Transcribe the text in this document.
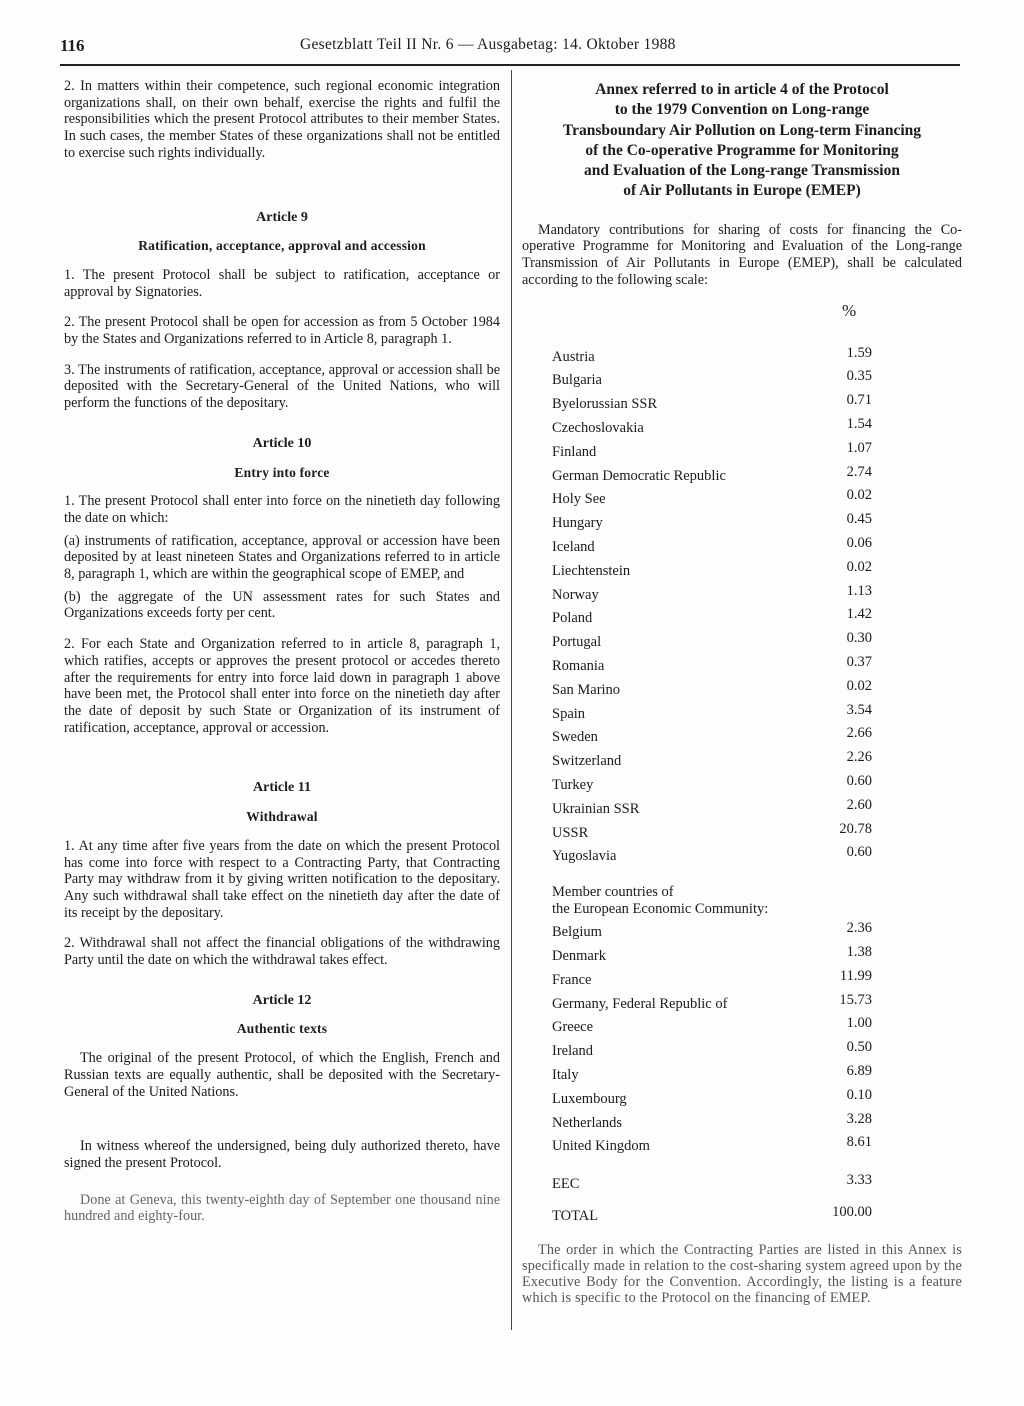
116	Gesetzblatt Teil II Nr. 6 — Ausgabetag: 14. Oktober 1988

2. In matters within their competence, such regional economic integration organizations shall, on their own behalf, exercise the rights and fulfil the responsibilities which the present Protocol attributes to their member States. In such cases, the member States of these organizations shall not be entitled to exercise such rights individually.

Article 9
Ratification, acceptance, approval and accession

1. The present Protocol shall be subject to ratification, acceptance or approval by Signatories.

2. The present Protocol shall be open for accession as from 5 October 1984 by the States and Organizations referred to in Article 8, paragraph 1.

3. The instruments of ratification, acceptance, approval or accession shall be deposited with the Secretary-General of the United Nations, who will perform the functions of the depositary.

Article 10
Entry into force

1. The present Protocol shall enter into force on the ninetieth day following the date on which:

(a) instruments of ratification, acceptance, approval or accession have been deposited by at least nineteen States and Organizations referred to in article 8, paragraph 1, which are within the geographical scope of EMEP, and

(b) the aggregate of the UN assessment rates for such States and Organizations exceeds forty per cent.

2. For each State and Organization referred to in article 8, paragraph 1, which ratifies, accepts or approves the present protocol or accedes thereto after the requirements for entry into force laid down in paragraph 1 above have been met, the Protocol shall enter into force on the ninetieth day after the date of deposit by such State or Organization of its instrument of ratification, acceptance, approval or accession.

Article 11
Withdrawal

1. At any time after five years from the date on which the present Protocol has come into force with respect to a Contracting Party, that Contracting Party may withdraw from it by giving written notification to the depositary. Any such withdrawal shall take effect on the ninetieth day after the date of its receipt by the depositary.

2. Withdrawal shall not affect the financial obligations of the withdrawing Party until the date on which the withdrawal takes effect.

Article 12
Authentic texts

The original of the present Protocol, of which the English, French and Russian texts are equally authentic, shall be deposited with the Secretary-General of the United Nations.

In witness whereof the undersigned, being duly authorized thereto, have signed the present Protocol.

Done at Geneva, this twenty-eighth day of September one thousand nine hundred and eighty-four.

Annex referred to in article 4 of the Protocol
to the 1979 Convention on Long-range
Transboundary Air Pollution on Long-term Financing
of the Co-operative Programme for Monitoring
and Evaluation of the Long-range Transmission
of Air Pollutants in Europe (EMEP)

Mandatory contributions for sharing of costs for financing the Co-operative Programme for Monitoring and Evaluation of the Long-range Transmission of Air Pollutants in Europe (EMEP), shall be calculated according to the following scale:

%
Austria	1.59
Bulgaria	0.35
Byelorussian SSR	0.71
Czechoslovakia	1.54
Finland	1.07
German Democratic Republic	2.74
Holy See	0.02
Hungary	0.45
Iceland	0.06
Liechtenstein	0.02
Norway	1.13
Poland	1.42
Portugal	0.30
Romania	0.37
San Marino	0.02
Spain	3.54
Sweden	2.66
Switzerland	2.26
Turkey	0.60
Ukrainian SSR	2.60
USSR	20.78
Yugoslavia	0.60
Member countries of
the European Economic Community:
Belgium	2.36
Denmark	1.38
France	11.99
Germany, Federal Republic of	15.73
Greece	1.00
Ireland	0.50
Italy	6.89
Luxembourg	0.10
Netherlands	3.28
United Kingdom	8.61
EEC	3.33
TOTAL	100.00

The order in which the Contracting Parties are listed in this Annex is specifically made in relation to the cost-sharing system agreed upon by the Executive Body for the Convention. Accordingly, the listing is a feature which is specific to the Protocol on the financing of EMEP.
